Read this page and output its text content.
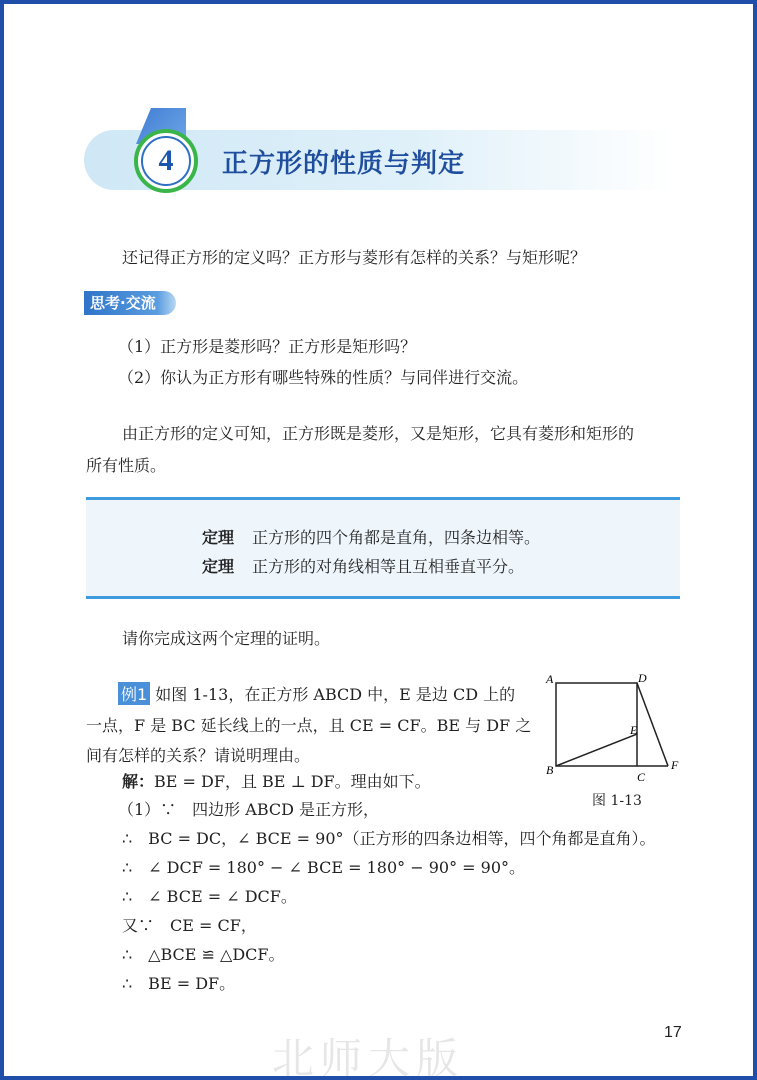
4	正方形的性质与判定
还记得正方形的定义吗？正方形与菱形有怎样的关系？与矩形呢？
思考·交流
（1）正方形是菱形吗？正方形是矩形吗？
（2）你认为正方形有哪些特殊的性质？与同伴进行交流。
由正方形的定义可知，正方形既是菱形，又是矩形，它具有菱形和矩形的
所有性质。
定理 正方形的四个角都是直角，四条边相等。
定理 正方形的对角线相等且互相垂直平分。
请你完成这两个定理的证明。
例1 如图 1-13，在正方形 ABCD 中，E 是边 CD 上的
一点，F 是 BC 延长线上的一点，且 CE = CF。BE 与 DF 之
间有怎样的关系？请说明理由。
解：BE = DF，且 BE ⊥ DF。理由如下。
（1）∵　四边形 ABCD 是正方形，
∴　BC = DC，∠ BCE = 90°（正方形的四条边相等，四个角都是直角）。
∴　∠ DCF = 180° − ∠ BCE = 180° − 90° = 90°。
∴　∠ BCE = ∠ DCF。
又∵　CE = CF，
∴　△BCE ≌ △DCF。
∴　BE = DF。
A	D
E
B	C
F
图 1-13
17
北师大版
